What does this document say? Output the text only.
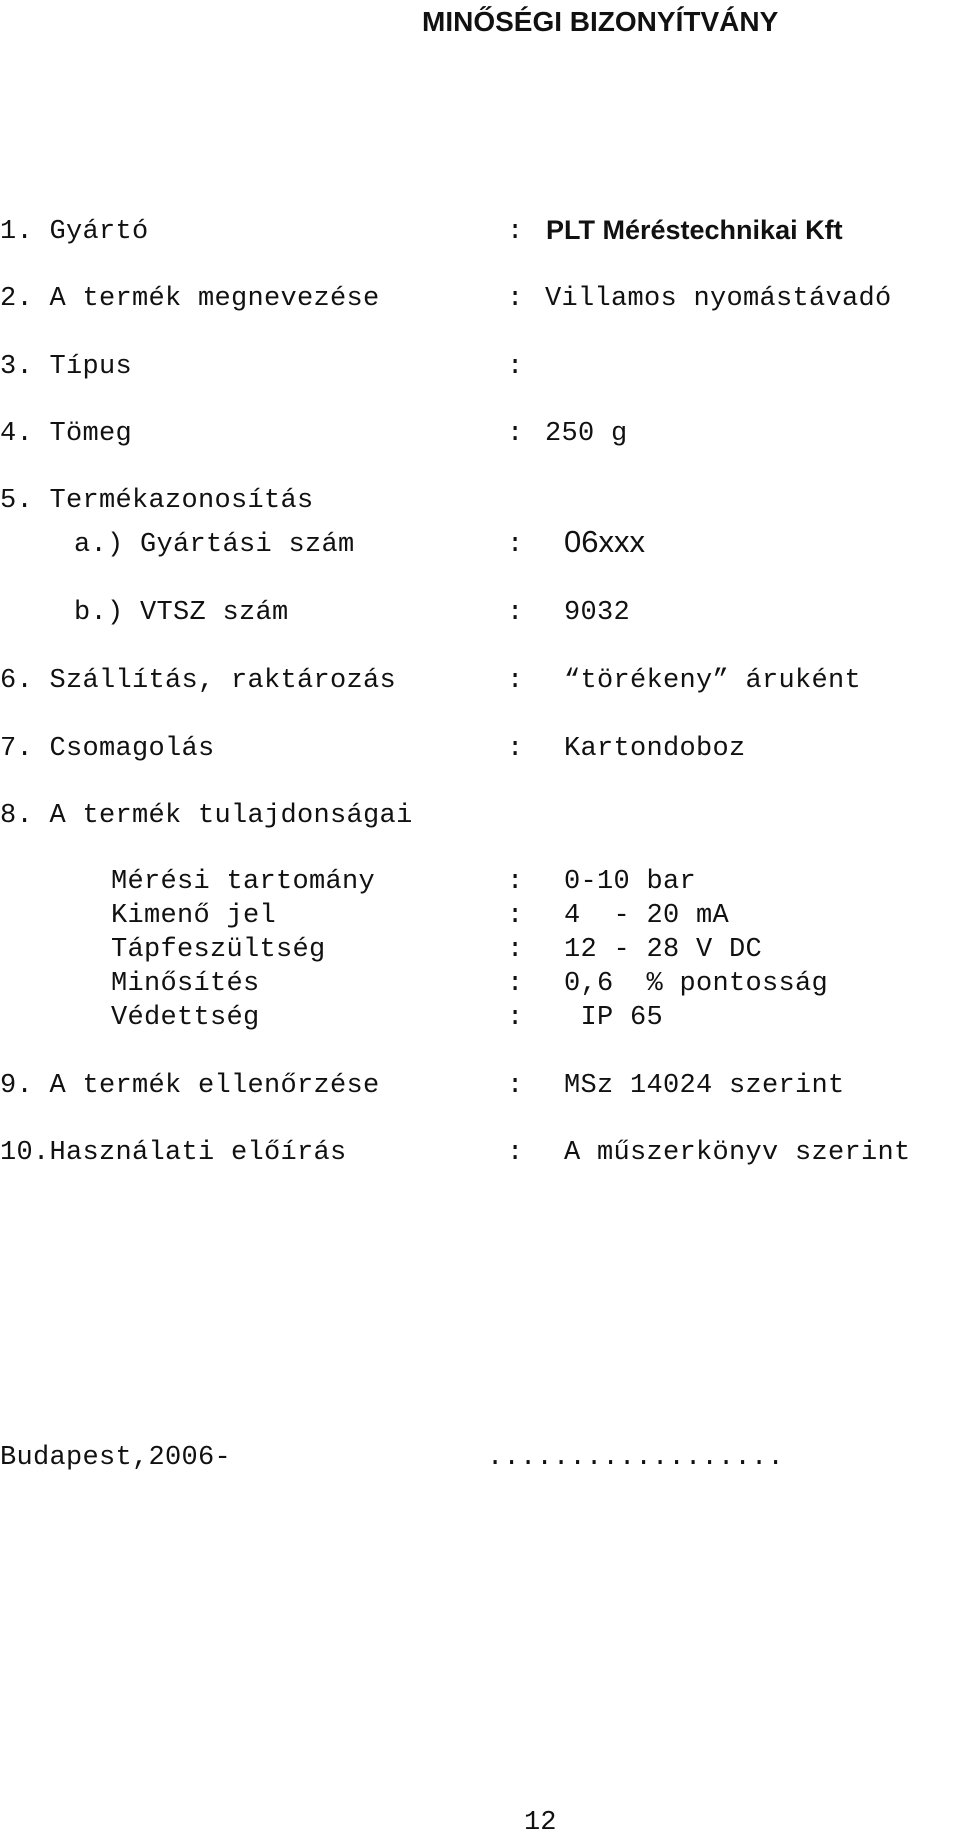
MINŐSÉGI BIZONYÍTVÁNY
1. Gyártó	: PLT Méréstechnikai Kft
2. A termék megnevezése	: Villamos nyomástávadó
3. Típus	:
4. Tömeg	: 250 g
5. Termékazonosítás
a.) Gyártási szám	: 06xxx
b.) VTSZ szám	: 9032
6. Szállítás, raktározás	: “törékeny” áruként
7. Csomagolás	: Kartondoboz
8. A termék tulajdonságai
Mérési tartomány	: 0-10 bar
Kimenő jel	: 4  - 20 mA
Tápfeszültség	: 12 - 28 V DC
Minősítés	: 0,6  % pontosság
Védettség	: IP 65
9. A termék ellenőrzése	: MSz 14024 szerint
10.Használati előírás	: A műszerkönyv szerint
Budapest,2006-	..................
12
